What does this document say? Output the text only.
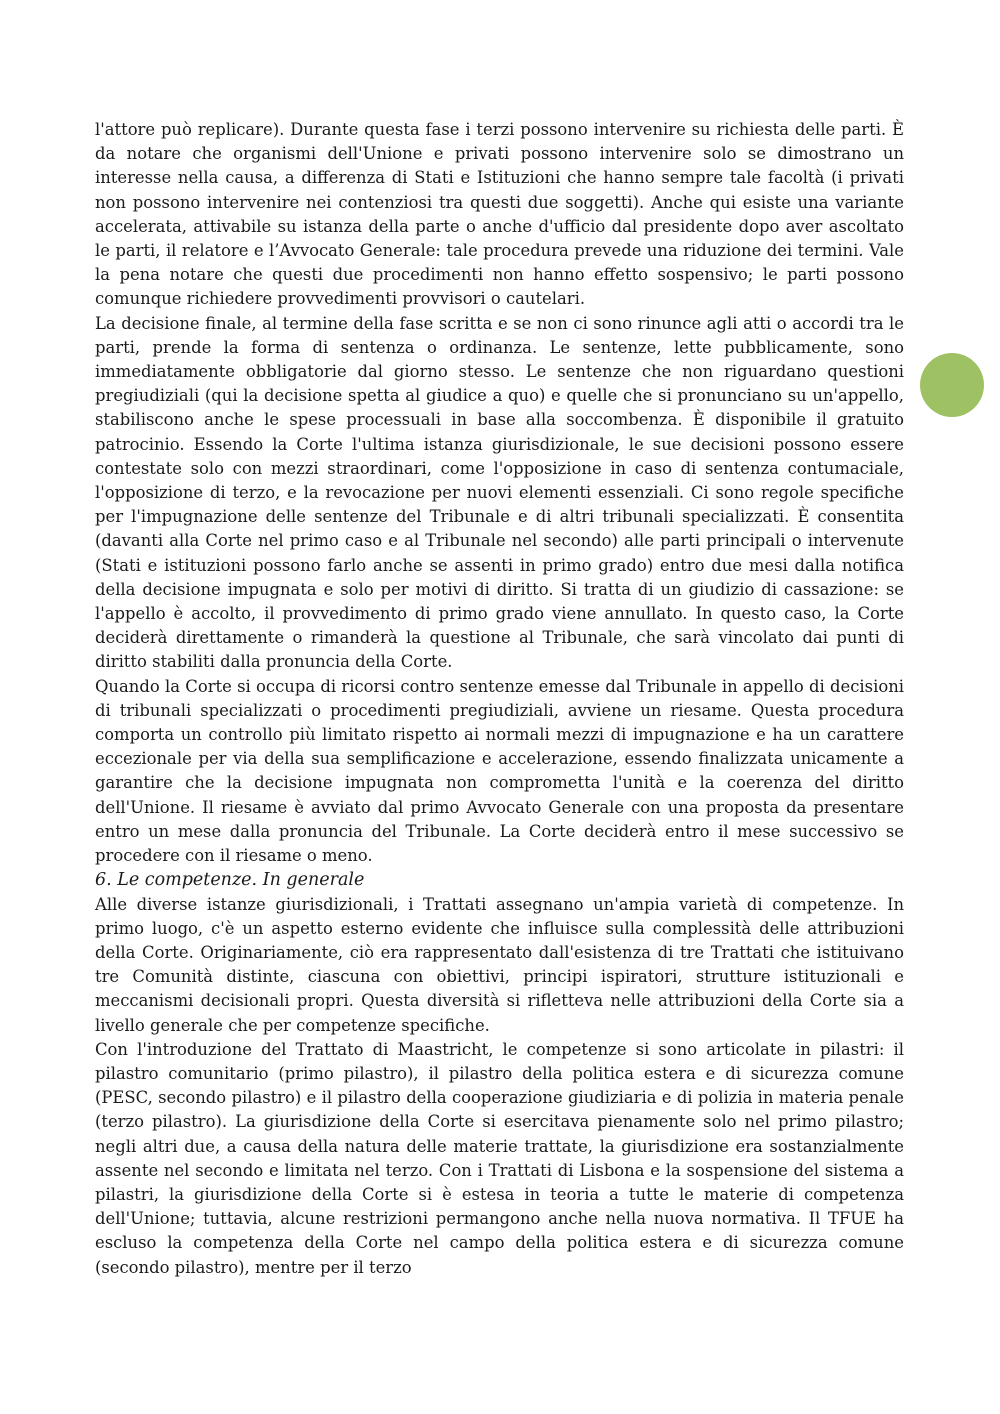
l'attore può replicare). Durante questa fase i terzi possono intervenire su richiesta delle parti. È da notare che organismi dell'Unione e privati possono intervenire solo se dimostrano un interesse nella causa, a differenza di Stati e Istituzioni che hanno sempre tale facoltà (i privati non possono intervenire nei contenziosi tra questi due soggetti). Anche qui esiste una variante accelerata, attivabile su istanza della parte o anche d'ufficio dal presidente dopo aver ascoltato le parti, il relatore e l’Avvocato Generale: tale procedura prevede una riduzione dei termini. Vale la pena notare che questi due procedimenti non hanno effetto sospensivo; le parti possono comunque richiedere provvedimenti provvisori o cautelari.

La decisione finale, al termine della fase scritta e se non ci sono rinunce agli atti o accordi tra le parti, prende la forma di sentenza o ordinanza. Le sentenze, lette pubblicamente, sono immediatamente obbligatorie dal giorno stesso. Le sentenze che non riguardano questioni pregiudiziali (qui la decisione spetta al giudice a quo) e quelle che si pronunciano su un'appello, stabiliscono anche le spese processuali in base alla soccombenza. È disponibile il gratuito patrocinio. Essendo la Corte l'ultima istanza giurisdizionale, le sue decisioni possono essere contestate solo con mezzi straordinari, come l'opposizione in caso di sentenza contumaciale, l'opposizione di terzo, e la revocazione per nuovi elementi essenziali. Ci sono regole specifiche per l'impugnazione delle sentenze del Tribunale e di altri tribunali specializzati. È consentita (davanti alla Corte nel primo caso e al Tribunale nel secondo) alle parti principali o intervenute (Stati e istituzioni possono farlo anche se assenti in primo grado) entro due mesi dalla notifica della decisione impugnata e solo per motivi di diritto. Si tratta di un giudizio di cassazione: se l'appello è accolto, il provvedimento di primo grado viene annullato. In questo caso, la Corte deciderà direttamente o rimanderà la questione al Tribunale, che sarà vincolato dai punti di diritto stabiliti dalla pronuncia della Corte.

Quando la Corte si occupa di ricorsi contro sentenze emesse dal Tribunale in appello di decisioni di tribunali specializzati o procedimenti pregiudiziali, avviene un riesame. Questa procedura comporta un controllo più limitato rispetto ai normali mezzi di impugnazione e ha un carattere eccezionale per via della sua semplificazione e accelerazione, essendo finalizzata unicamente a garantire che la decisione impugnata non comprometta l'unità e la coerenza del diritto dell'Unione. Il riesame è avviato dal primo Avvocato Generale con una proposta da presentare entro un mese dalla pronuncia del Tribunale. La Corte deciderà entro il mese successivo se procedere con il riesame o meno.

6. Le competenze. In generale

Alle diverse istanze giurisdizionali, i Trattati assegnano un'ampia varietà di competenze. In primo luogo, c'è un aspetto esterno evidente che influisce sulla complessità delle attribuzioni della Corte. Originariamente, ciò era rappresentato dall'esistenza di tre Trattati che istituivano tre Comunità distinte, ciascuna con obiettivi, principi ispiratori, strutture istituzionali e meccanismi decisionali propri. Questa diversità si rifletteva nelle attribuzioni della Corte sia a livello generale che per competenze specifiche.

Con l'introduzione del Trattato di Maastricht, le competenze si sono articolate in pilastri: il pilastro comunitario (primo pilastro), il pilastro della politica estera e di sicurezza comune (PESC, secondo pilastro) e il pilastro della cooperazione giudiziaria e di polizia in materia penale (terzo pilastro). La giurisdizione della Corte si esercitava pienamente solo nel primo pilastro; negli altri due, a causa della natura delle materie trattate, la giurisdizione era sostanzialmente assente nel secondo e limitata nel terzo. Con i Trattati di Lisbona e la sospensione del sistema a pilastri, la giurisdizione della Corte si è estesa in teoria a tutte le materie di competenza dell'Unione; tuttavia, alcune restrizioni permangono anche nella nuova normativa. Il TFUE ha escluso la competenza della Corte nel campo della politica estera e di sicurezza comune (secondo pilastro), mentre per il terzo
